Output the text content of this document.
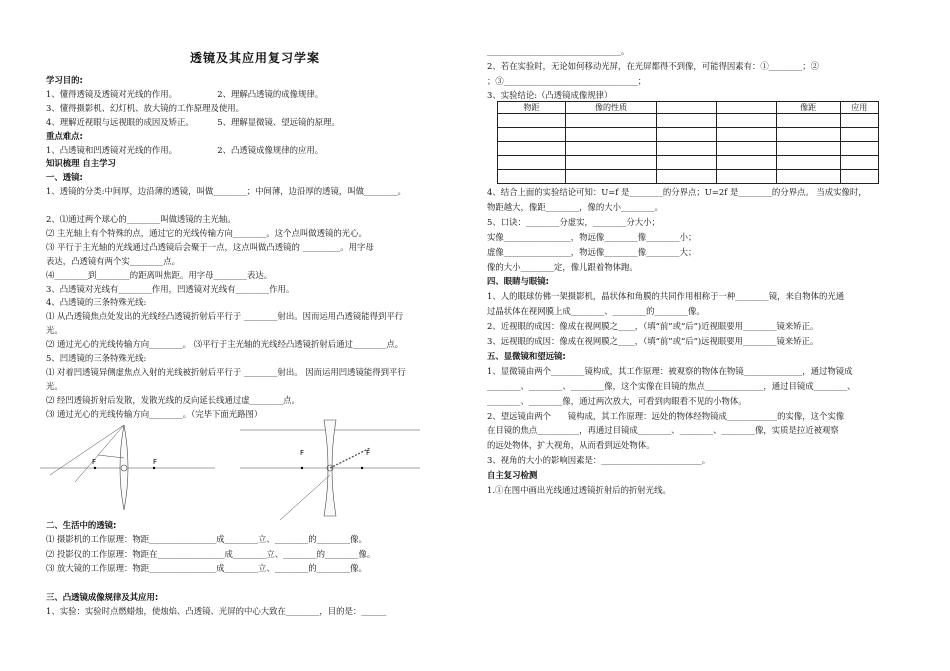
透镜及其应用复习学案
学习目的:
1、懂得透镜及透镜对光线的作用。　　　　　 2、理解凸透镜的成像规律。
3、懂得摄影机、幻灯机、放大镜的工作原理及使用。
4、理解近视眼与远视眼的成因及矫正。　　　 5、理解显微镜、望远镜的原理。
重点难点:
1、凸透镜和凹透镜对光线的作用。　　　　　 2、凸透镜成像规律的应用。
知识梳理 自主学习
一、透镜:
1、透镜的分类:中间厚，边沿薄的透镜，叫做________；中间薄，边沿厚的透镜，叫做________。
2、⑴通过两个球心的________叫做透镜的主光轴。
⑵ 主光轴上有个特殊的点，通过它的光线传输方向________。这个点叫做透镜的光心。
⑶ 平行于主光轴的光线通过凸透镜后会聚于一点，这点叫做凸透镜的 _________。用字母
表达，凸透镜有两个实________点。
⑷________到________的距离叫焦距。用字母________表达。
3、凸透镜对光线有________作用，凹透镜对光线有________作用。
4、凸透镜的三条特殊光线:
⑴ 从凸透镜焦点处发出的光线经凸透镜折射后平行于 ________射出。因而运用凸透镜能得到平行
光。
⑵ 通过光心的光线传输方向________。 ⑶平行于主光轴的光线经凸透镜折射后通过________点。
5、凹透镜的三条特殊光线:
⑴ 对着凹透镜异侧虚焦点入射的光线被折射后平行于 ________射出。 因而运用凹透镜能得到平行
光。
⑵ 经凹透镜折射后发散，发散光线的反向延长线通过虚________点。
⑶ 通过光心的光线传输方向________。（完毕下面光路图）
F	F
F	F
二、生活中的透镜:
⑴ 摄影机的工作原理：物距________________成________立、________的________像。
⑵ 投影仪的工作原理：物距在________________成________立、________的________像。
⑶ 放大镜的工作原理：物距________________成________立、________的________像。
三、凸透镜成像规律及其应用:
1、实验：实验时点燃蜡烛，使烛焰、凸透镜、光屏的中心大致在________，目的是：______
________________________________。
2、若在实验时，无论如何移动光屏，在光屏都得不到像，可能得因素有：①________；②
；③________________________________；
3、实验结论:（凸透镜成像规律）
物距	像的性质			像距	应用

4、结合上面的实验结论可知：U=f 是________的分界点；U=2f 是________的分界点。 当成实像时，
物距越大，像距________，像的大小________。
5、口诀：________分虚实，________分大小；
实像________________，物远像________像________小；
虚像________________，物远像________像________大；
像的大小________定，像儿跟着物体跑。
四、眼睛与眼镜:
1、人的眼球仿佛一架摄影机，晶状体和角膜的共同作用相称于一种________镜，来自物体的光通
过晶状体在视网膜上成________、________的________像。
2、近视眼的成因：像成在视网膜之____，（填“前”或“后”)近视眼要用________镜来矫正。
3、远视眼的成因：像成在视网膜之____，（填“前”或“后”)远视眼要用________镜来矫正。
五、显微镜和望远镜:
1、显微镜由两个________镜构成，其工作原理：被观察的物体在物镜______________，通过物镜成
________、________、________像，这个实像在目镜的焦点______________，通过目镜成________、
________、________像，通过两次放大，可看到肉眼看不见的小物体。
2、望远镜由两个　　镜构成，其工作原理：远处的物体经物镜成____________的实像，这个实像
在目镜的焦点__________，再通过目镜成________、________、________像，实质是拉近被观察
的远处物体，扩大视角，从而看到远处物体。
3、视角的大小的影响因素是：________________________。
自主复习检测
1.①在图中画出光线通过透镜折射后的折射光线。
